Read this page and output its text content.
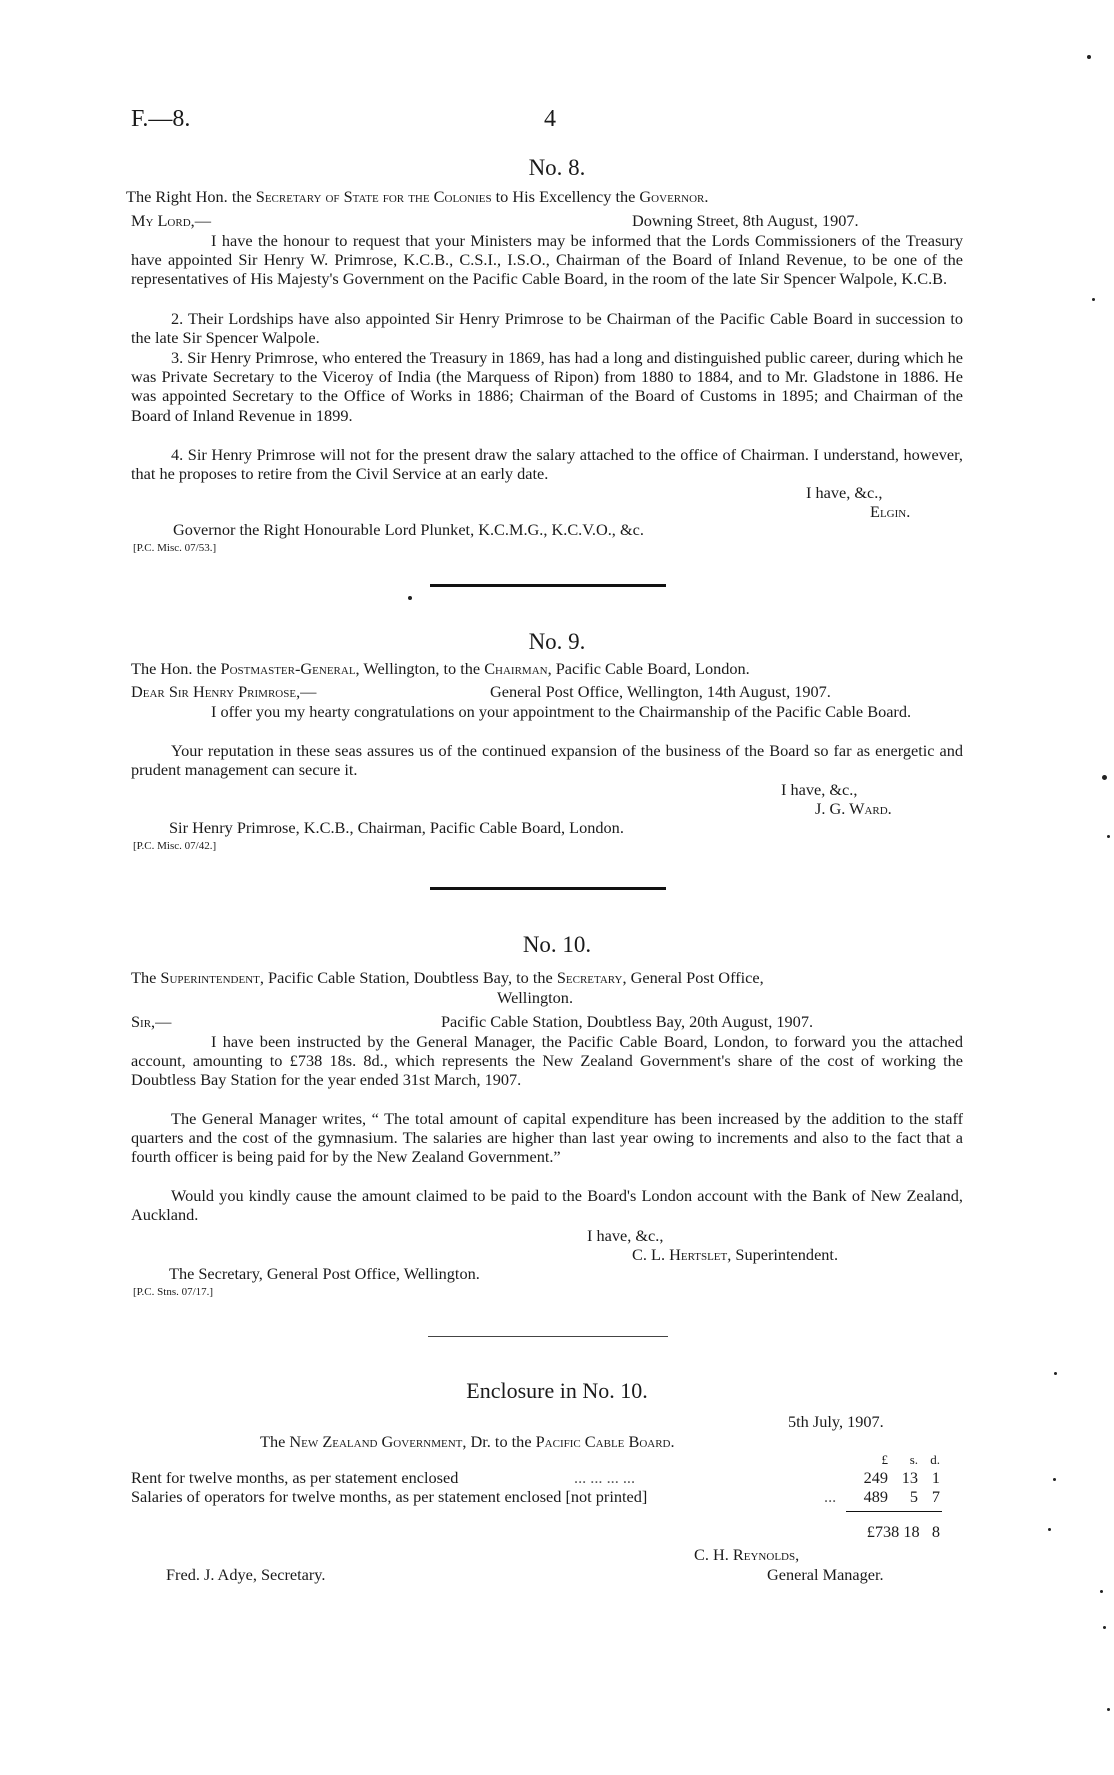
F.—8.	4
No. 8.
The Right Hon. the Secretary of State for the Colonies to His Excellency the Governor.
My Lord,—	Downing Street, 8th August, 1907.
I have the honour to request that your Ministers may be informed that the Lords Commissioners of the Treasury have appointed Sir Henry W. Primrose, K.C.B., C.S.I., I.S.O., Chairman of the Board of Inland Revenue, to be one of the representatives of His Majesty's Government on the Pacific Cable Board, in the room of the late Sir Spencer Walpole, K.C.B.
2. Their Lordships have also appointed Sir Henry Primrose to be Chairman of the Pacific Cable Board in succession to the late Sir Spencer Walpole.
3. Sir Henry Primrose, who entered the Treasury in 1869, has had a long and distinguished public career, during which he was Private Secretary to the Viceroy of India (the Marquess of Ripon) from 1880 to 1884, and to Mr. Gladstone in 1886. He was appointed Secretary to the Office of Works in 1886; Chairman of the Board of Customs in 1895; and Chairman of the Board of Inland Revenue in 1899.
4. Sir Henry Primrose will not for the present draw the salary attached to the office of Chairman. I understand, however, that he proposes to retire from the Civil Service at an early date.
I have, &c.,
Elgin.
Governor the Right Honourable Lord Plunket, K.C.M.G., K.C.V.O., &c.
[P.C. Misc. 07/53.]
No. 9.
The Hon. the Postmaster-General, Wellington, to the Chairman, Pacific Cable Board, London.
Dear Sir Henry Primrose,—	General Post Office, Wellington, 14th August, 1907.
I offer you my hearty congratulations on your appointment to the Chairmanship of the Pacific Cable Board.
Your reputation in these seas assures us of the continued expansion of the business of the Board so far as energetic and prudent management can secure it.
I have, &c.,
J. G. Ward.
Sir Henry Primrose, K.C.B., Chairman, Pacific Cable Board, London.
[P.C. Misc. 07/42.]
No. 10.
The Superintendent, Pacific Cable Station, Doubtless Bay, to the Secretary, General Post Office,
Wellington.
Sir,—	Pacific Cable Station, Doubtless Bay, 20th August, 1907.
I have been instructed by the General Manager, the Pacific Cable Board, London, to forward you the attached account, amounting to £738 18s. 8d., which represents the New Zealand Government's share of the cost of working the Doubtless Bay Station for the year ended 31st March, 1907.
The General Manager writes, “ The total amount of capital expenditure has been increased by the addition to the staff quarters and the cost of the gymnasium. The salaries are higher than last year owing to increments and also to the fact that a fourth officer is being paid for by the New Zealand Government.”
Would you kindly cause the amount claimed to be paid to the Board's London account with the Bank of New Zealand, Auckland.
I have, &c.,
C. L. Hertslet, Superintendent.
The Secretary, General Post Office, Wellington.
[P.C. Stns. 07/17.]
Enclosure in No. 10.
5th July, 1907.
The New Zealand Government, Dr. to the Pacific Cable Board.
£	s. d.
Rent for twelve months, as per statement enclosed	... ... ... ...	249 13 1
Salaries of operators for twelve months, as per statement enclosed [not printed]	...	489	5 7
£738 18   8
C. H. Reynolds,
General Manager.
Fred. J. Adye, Secretary.
